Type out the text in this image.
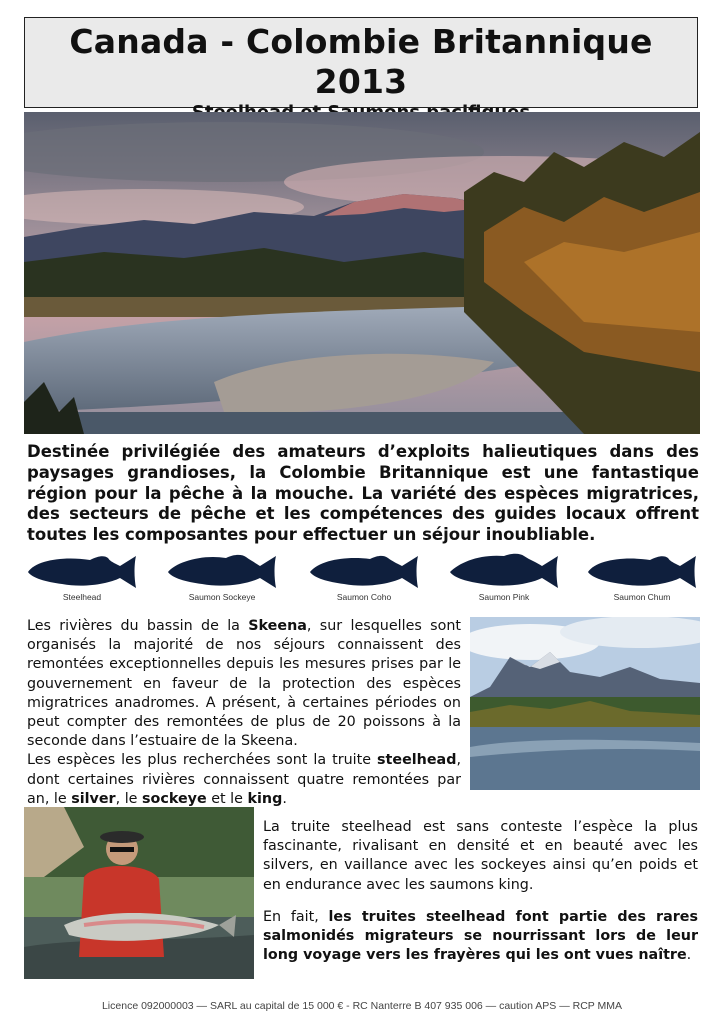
Canada - Colombie Britannique 2013

Destinée privilégiée des amateurs d’exploits halieutiques dans des paysages grandioses, la Colombie Britannique est une fantastique région pour la pêche à la mouche. La variété des espèces migratrices, des secteurs de pêche et les compétences des guides locaux offrent toutes les composantes pour effectuer un séjour inoubliable.

Steelhead	Saumon Sockeye	Saumon Coho	Saumon Pink	Saumon Chum

Les rivières du bassin de la Skeena, sur lesquelles sont organisés la majorité de nos séjours connaissent des remontées exceptionnelles depuis les mesures prises par le gouvernement en faveur de la protection des espèces migratrices anadromes. A présent, à certaines périodes on peut compter des remontées de plus de 20 poissons à la seconde dans l’estuaire de la Skeena.
Les espèces les plus recherchées sont la truite steelhead, dont certaines rivières connaissent quatre remontées par an, le silver, le sockeye et le king.

La truite steelhead est sans conteste l’espèce la plus fascinante, rivalisant en densité et en beauté avec les silvers, en vaillance avec les sockeyes ainsi qu’en poids et en endurance avec les saumons king.

En fait, les truites steelhead font partie des rares salmonidés migrateurs se nourrissant lors de leur long voyage vers les frayères qui les ont vues naître.

Licence 092000003 — SARL au capital de 15 000 € - RC Nanterre B 407 935 006 — caution APS — RCP MMA
